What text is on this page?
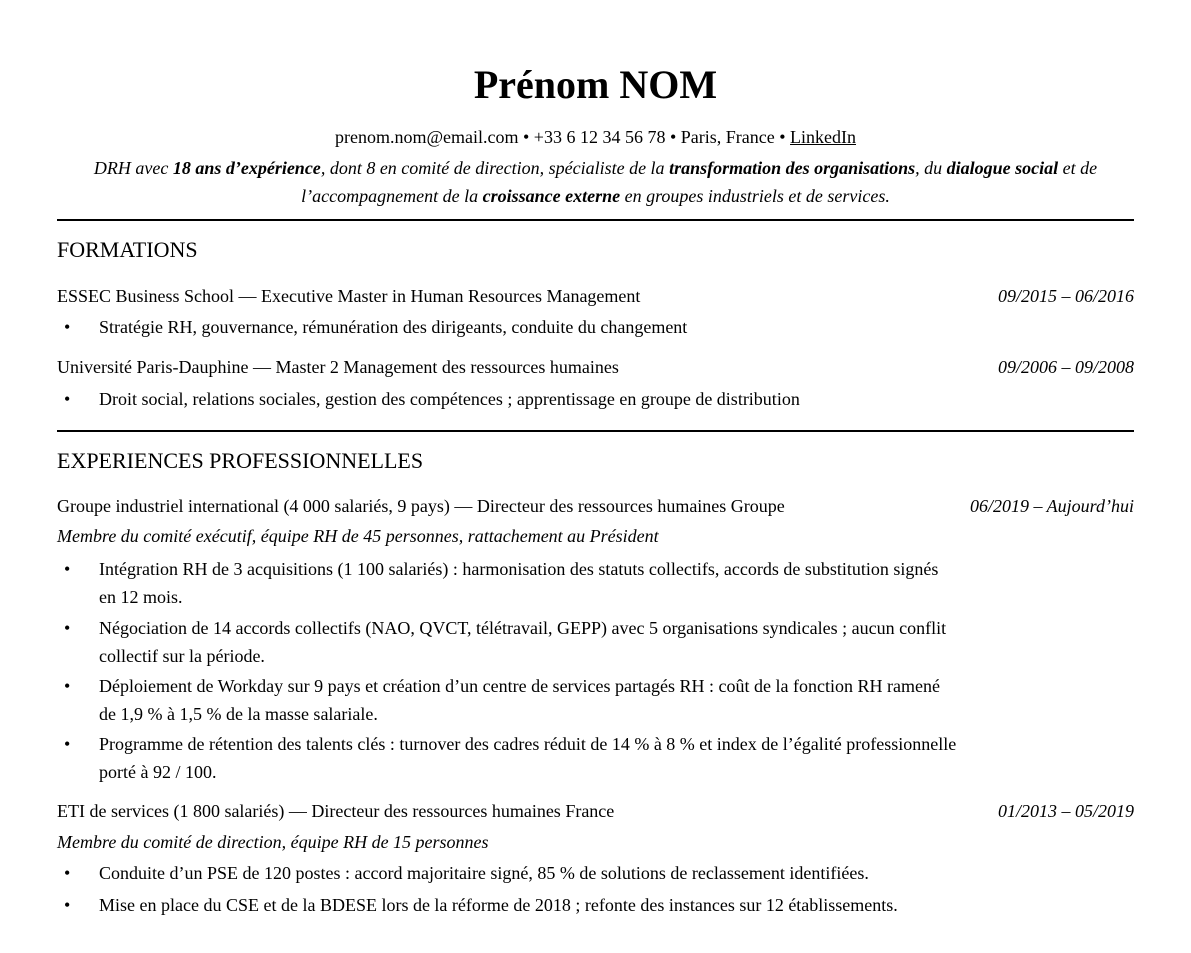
Prénom NOM
prenom.nom@email.com • +33 6 12 34 56 78 • Paris, France • LinkedIn
DRH avec 18 ans d’expérience, dont 8 en comité de direction, spécialiste de la transformation des organisations, du dialogue social et de l’accompagnement de la croissance externe en groupes industriels et de services.
FORMATIONS
ESSEC Business School — Executive Master in Human Resources Management	09/2015 – 06/2016
• Stratégie RH, gouvernance, rémunération des dirigeants, conduite du changement
Université Paris-Dauphine — Master 2 Management des ressources humaines	09/2006 – 09/2008
• Droit social, relations sociales, gestion des compétences ; apprentissage en groupe de distribution
EXPERIENCES PROFESSIONNELLES
Groupe industriel international (4 000 salariés, 9 pays) — Directeur des ressources humaines Groupe	06/2019 – Aujourd’hui
Membre du comité exécutif, équipe RH de 45 personnes, rattachement au Président
• Intégration RH de 3 acquisitions (1 100 salariés) : harmonisation des statuts collectifs, accords de substitution signés en 12 mois.
• Négociation de 14 accords collectifs (NAO, QVCT, télétravail, GEPP) avec 5 organisations syndicales ; aucun conflit collectif sur la période.
• Déploiement de Workday sur 9 pays et création d’un centre de services partagés RH : coût de la fonction RH ramené de 1,9 % à 1,5 % de la masse salariale.
• Programme de rétention des talents clés : turnover des cadres réduit de 14 % à 8 % et index de l’égalité professionnelle porté à 92 / 100.
ETI de services (1 800 salariés) — Directeur des ressources humaines France	01/2013 – 05/2019
Membre du comité de direction, équipe RH de 15 personnes
• Conduite d’un PSE de 120 postes : accord majoritaire signé, 85 % de solutions de reclassement identifiées.
• Mise en place du CSE et de la BDESE lors de la réforme de 2018 ; refonte des instances sur 12 établissements.
